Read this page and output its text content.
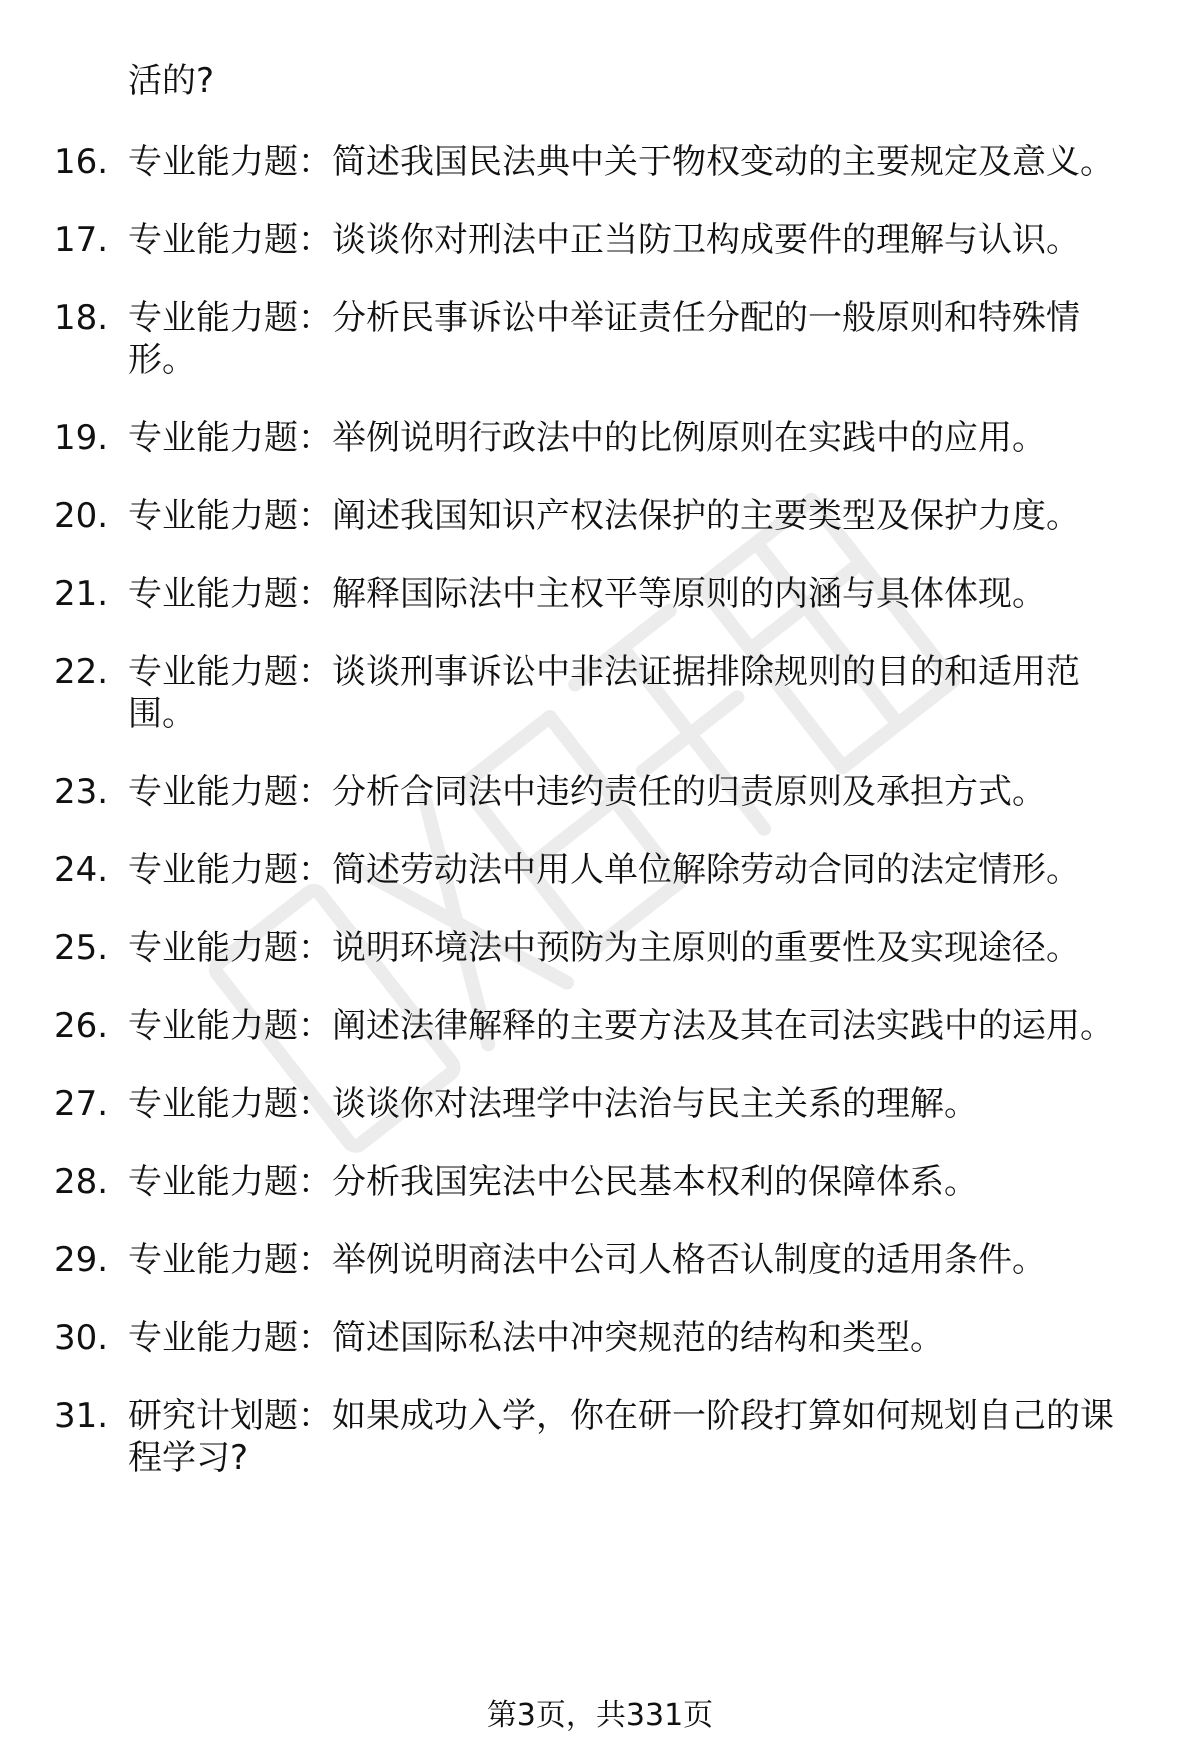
活的?
16. 专业能力题：简述我国民法典中关于物权变动的主要规定及意义。
17. 专业能力题：谈谈你对刑法中正当防卫构成要件的理解与认识。
18. 专业能力题：分析民事诉讼中举证责任分配的一般原则和特殊情形。
19. 专业能力题：举例说明行政法中的比例原则在实践中的应用。
20. 专业能力题：阐述我国知识产权法保护的主要类型及保护力度。
21. 专业能力题：解释国际法中主权平等原则的内涵与具体体现。
22. 专业能力题：谈谈刑事诉讼中非法证据排除规则的目的和适用范围。
23. 专业能力题：分析合同法中违约责任的归责原则及承担方式。
24. 专业能力题：简述劳动法中用人单位解除劳动合同的法定情形。
25. 专业能力题：说明环境法中预防为主原则的重要性及实现途径。
26. 专业能力题：阐述法律解释的主要方法及其在司法实践中的运用。
27. 专业能力题：谈谈你对法理学中法治与民主关系的理解。
28. 专业能力题：分析我国宪法中公民基本权利的保障体系。
29. 专业能力题：举例说明商法中公司人格否认制度的适用条件。
30. 专业能力题：简述国际私法中冲突规范的结构和类型。
31. 研究计划题：如果成功入学，你在研一阶段打算如何规划自己的课程学习?
第3页，共331页
